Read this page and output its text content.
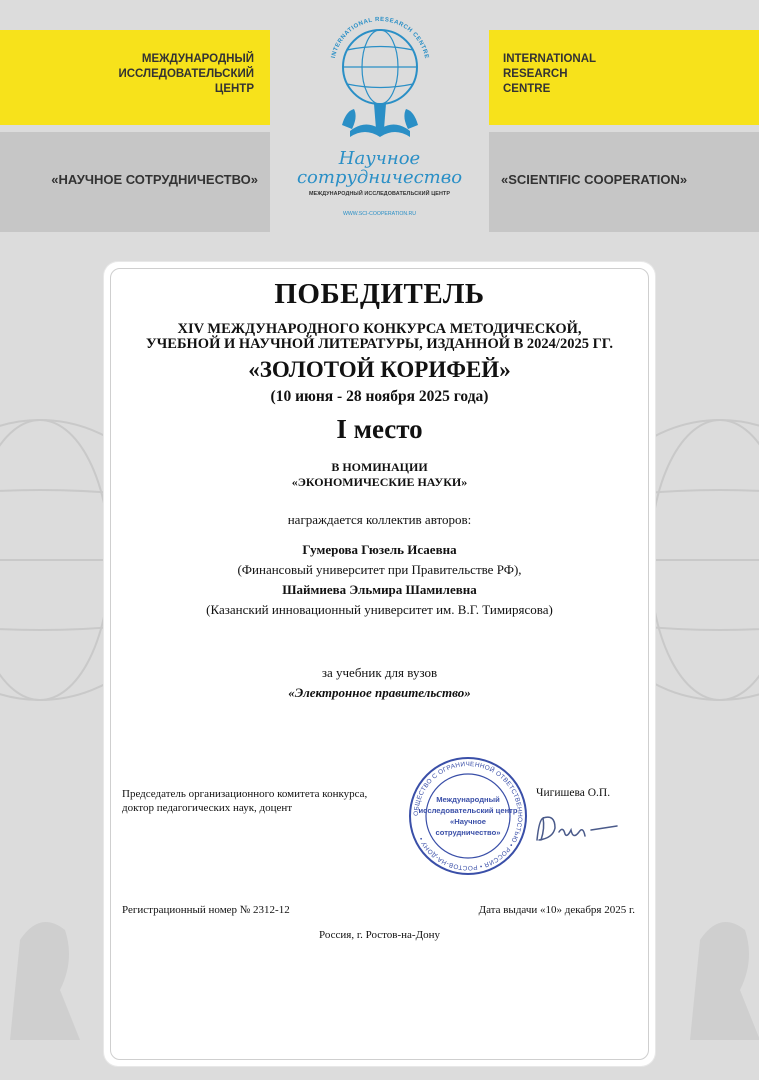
МЕЖДУНАРОДНЫЙ
ИССЛЕДОВАТЕЛЬСКИЙ
ЦЕНТР
INTERNATIONAL
RESEARCH
CENTRE
«НАУЧНОЕ СОТРУДНИЧЕСТВО»	«SCIENTIFIC COOPERATION»
INTERNATIONAL RESEARCH CENTRE
Научное
сотрудничество
МЕЖДУНАРОДНЫЙ ИССЛЕДОВАТЕЛЬСКИЙ ЦЕНТР
WWW.SCI-COOPERATION.RU
ПОБЕДИТЕЛЬ
XIV МЕЖДУНАРОДНОГО КОНКУРСА МЕТОДИЧЕСКОЙ,
УЧЕБНОЙ И НАУЧНОЙ ЛИТЕРАТУРЫ, ИЗДАННОЙ В 2024/2025 ГГ.
«ЗОЛОТОЙ КОРИФЕЙ»
(10 июня - 28 ноября 2025 года)
I место
В НОМИНАЦИИ
«ЭКОНОМИЧЕСКИЕ НАУКИ»
награждается коллектив авторов:
Гумерова Гюзель Исаевна
(Финансовый университет при Правительстве РФ),
Шаймиева Эльмира Шамилевна
(Казанский инновационный университет им. В.Г. Тимирясова)
за учебник для вузов
«Электронное правительство»
Председатель организационного комитета конкурса,
доктор педагогических наук, доцент	ОБЩЕСТВО С ОГРАНИЧЕННОЙ ОТВЕТСТВЕННОСТЬЮ • РОССИЯ • РОСТОВ-НА-ДОНУ •
Международный
исследовательский центр
«Научное
сотрудничество»
Чигишева О.П.
Регистрационный номер № 2312-12	Дата выдачи «10» декабря 2025 г.
Россия, г. Ростов-на-Дону
